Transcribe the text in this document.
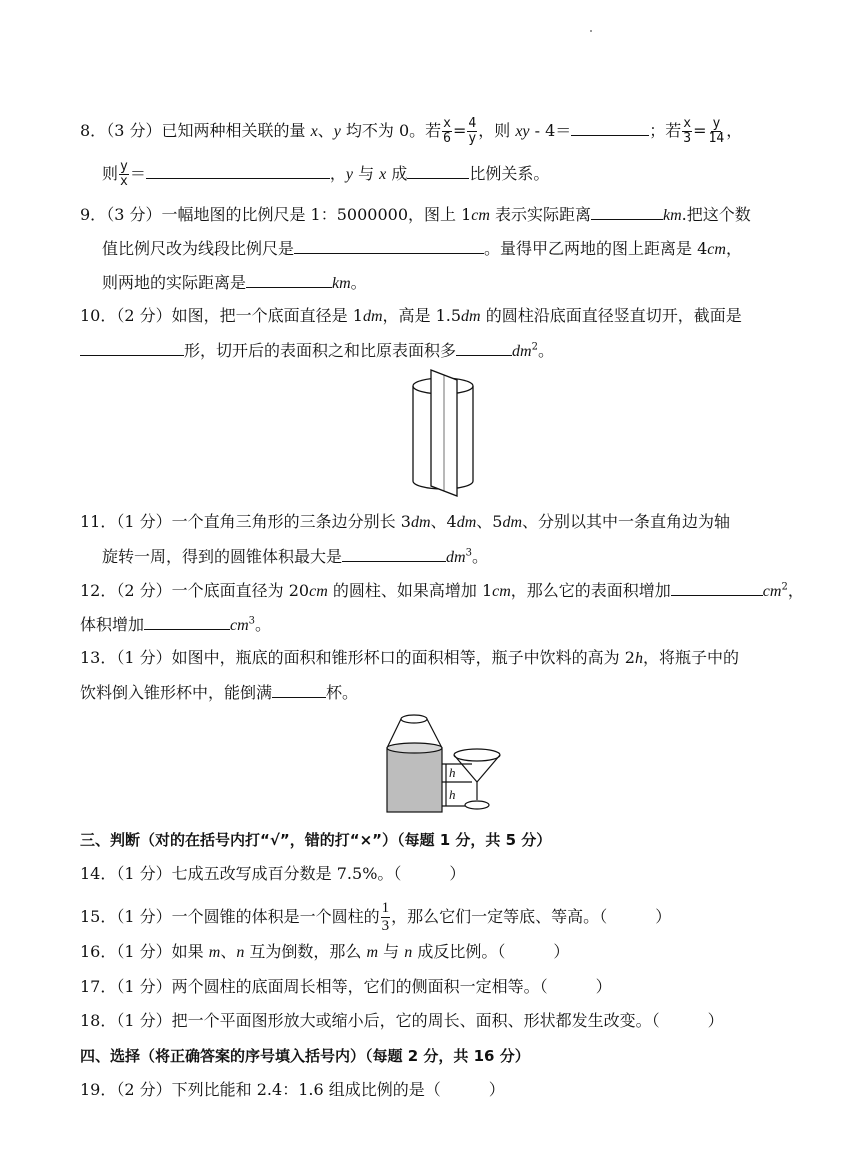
8．（3 分）已知两种相关联的量 x、y 均不为 0。若 $\frac{x}{6} = \frac{4}{y}$ ，则 xy - 4＝	；若 $\frac{x}{3} = \frac{y}{14}$ ，
则 $\frac{y}{x}$ ＝	，y 与 x 成	比例关系。
9．（3 分）一幅地图的比例尺是 1：5000000，图上 1cm 表示实际距离	km.把这个数
值比例尺改为线段比例尺是	。量得甲乙两地的图上距离是 4cm，
则两地的实际距离是	km。
10．（2 分）如图，把一个底面直径是 1dm，高是 1.5dm 的圆柱沿底面直径竖直切开，截面是
形，切开后的表面积之和比原表面积多	$dm^2$。
11．（1 分）一个直角三角形的三条边分别长 3dm、4dm、5dm、分别以其中一条直角边为轴
旋转一周，得到的圆锥体积最大是	$dm^3$。
12．（2 分）一个底面直径为 20cm 的圆柱、如果高增加 1cm，那么它的表面积增加	$cm^2$，
体积增加	$cm^3$。
13．（1 分）如图中，瓶底的面积和锥形杯口的面积相等，瓶子中饮料的高为 2h，将瓶子中的
饮料倒入锥形杯中，能倒满	杯。
h
h
三、判断（对的在括号内打“√”，错的打“×”）（每题 1 分，共 5 分）
14．（1 分）七成五改写成百分数是 7.5%。（　　　）
15．（1 分）一个圆锥的体积是一个圆柱的 $\frac{1}{3}$ ，那么它们一定等底、等高。（　　　）
16．（1 分）如果 m、n 互为倒数，那么 m 与 n 成反比例。（　　　）
17．（1 分）两个圆柱的底面周长相等，它们的侧面积一定相等。（　　　）
18．（1 分）把一个平面图形放大或缩小后，它的周长、面积、形状都发生改变。（　　　）
四、选择（将正确答案的序号填入括号内）（每题 2 分，共 16 分）
19．（2 分）下列比能和 2.4：1.6 组成比例的是（　　　）
